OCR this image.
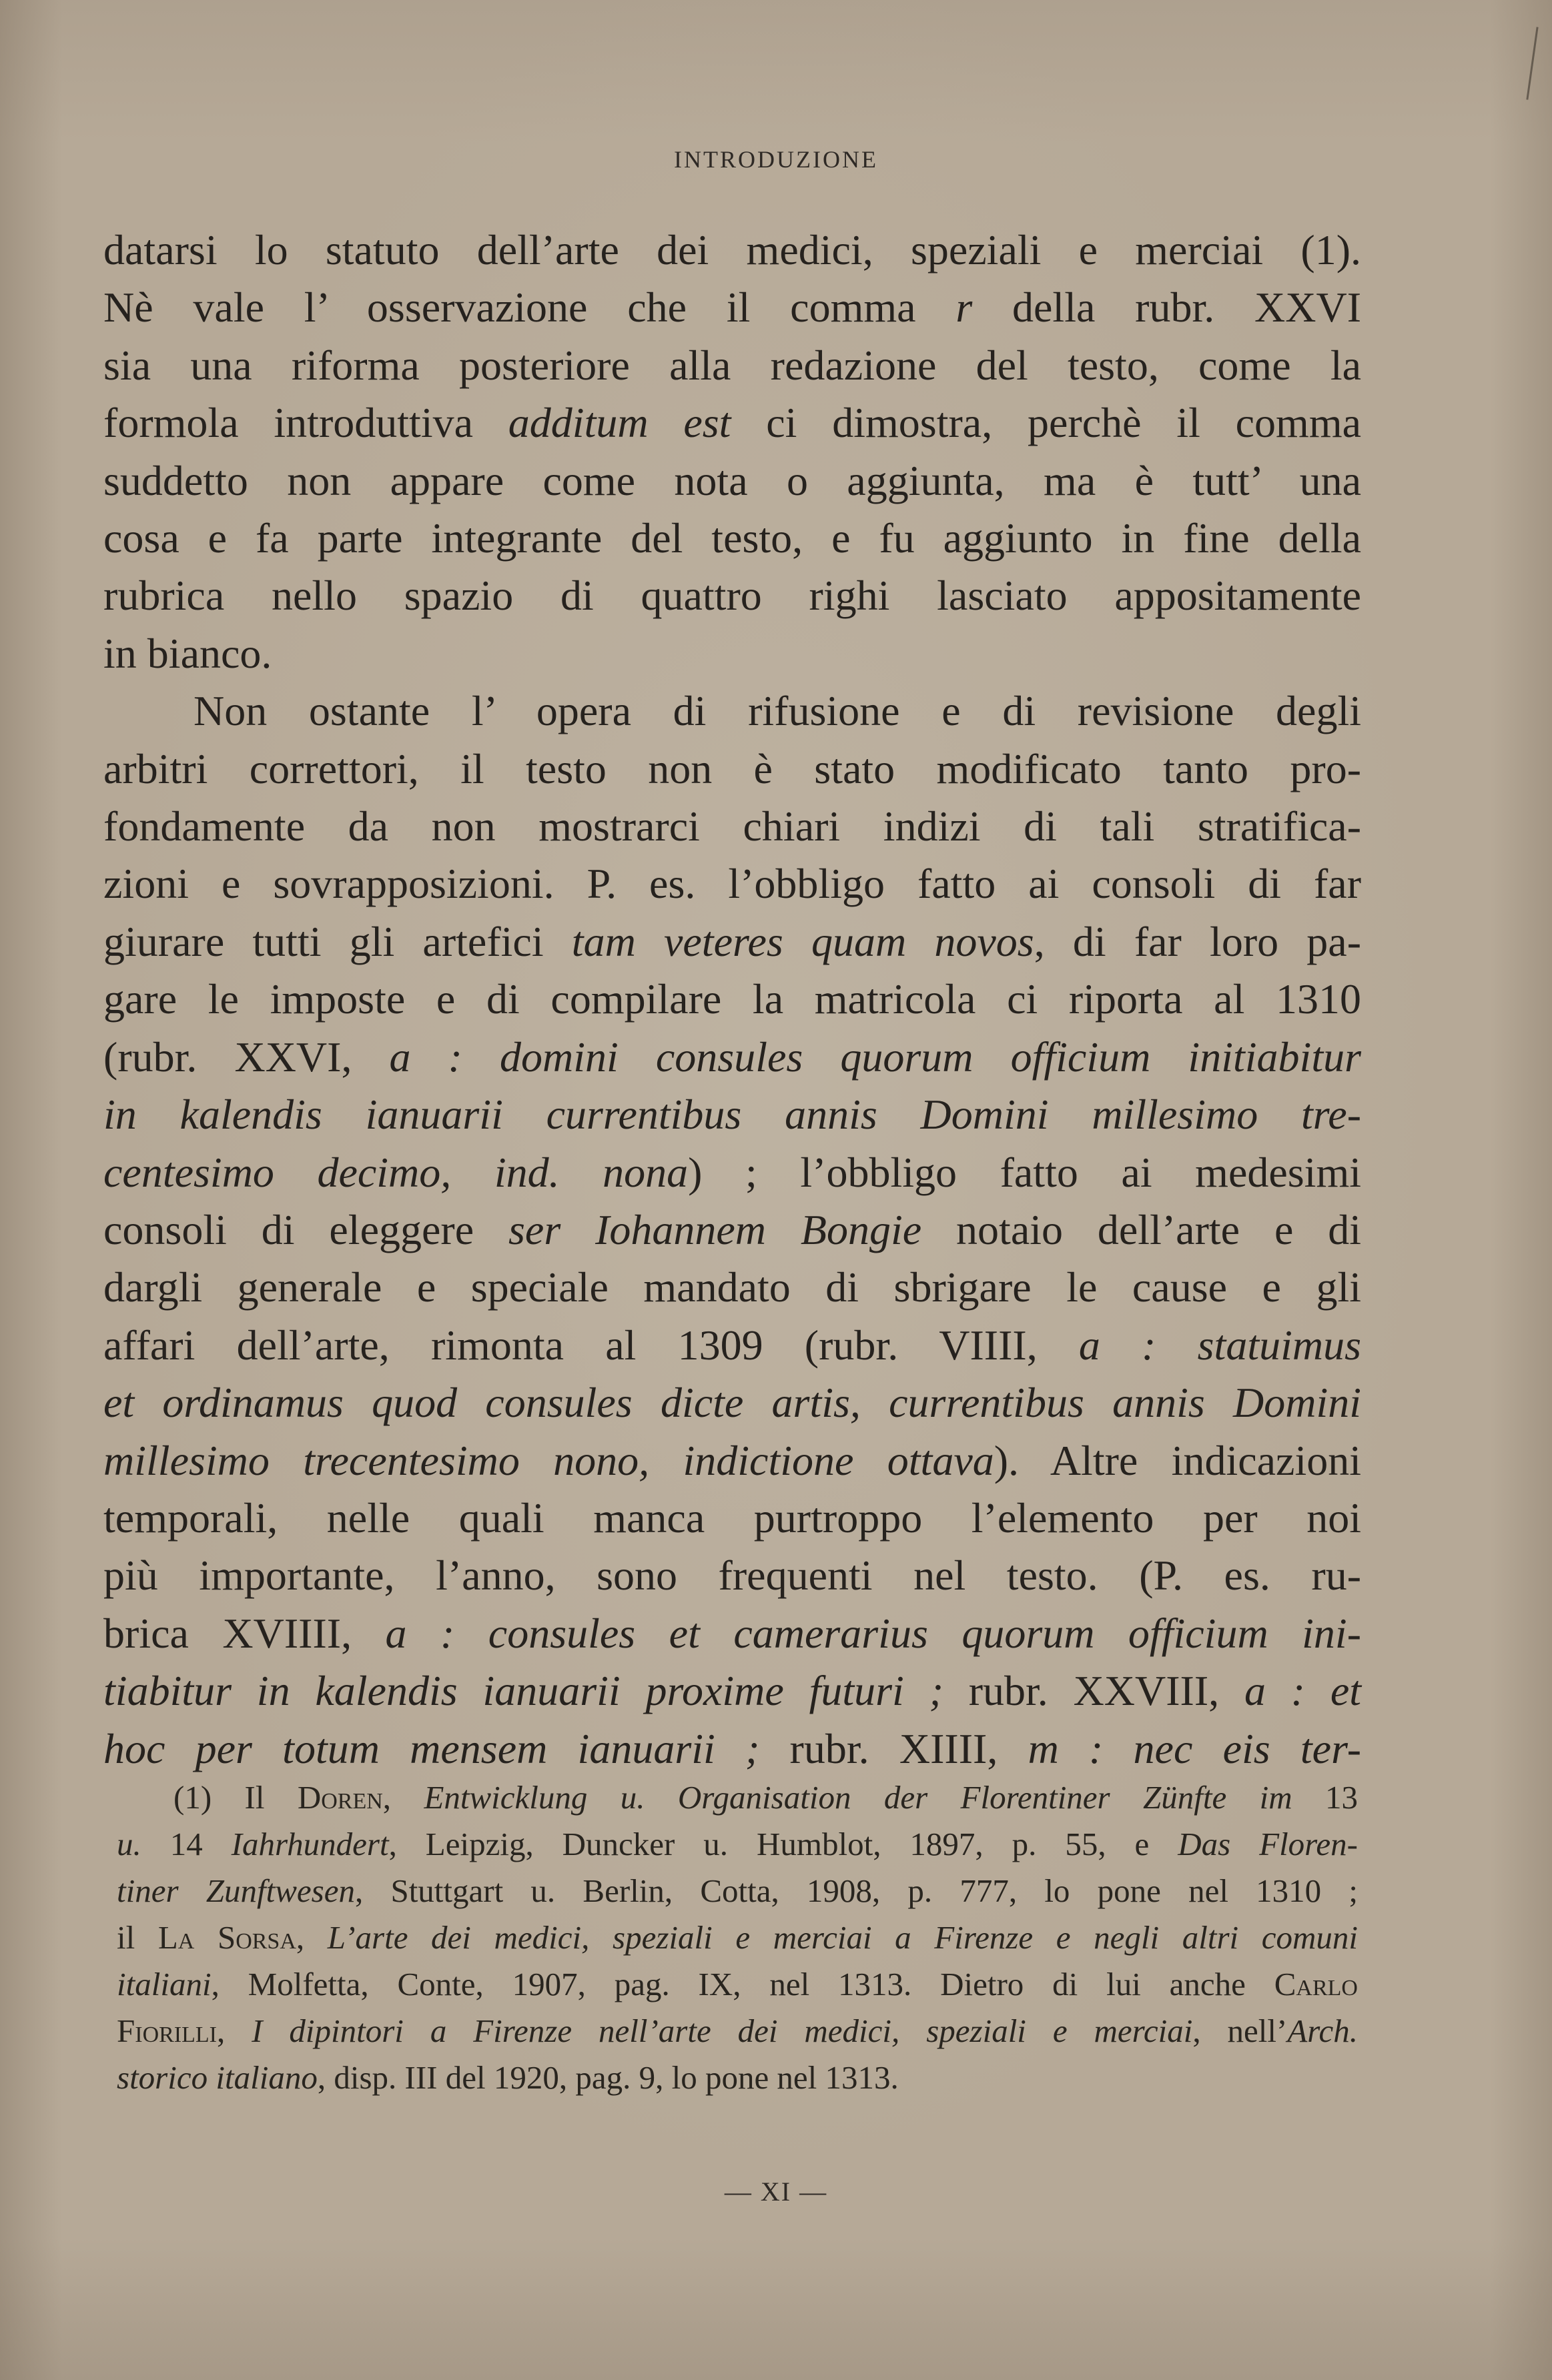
INTRODUZIONE
datarsi lo statuto dell’arte dei medici, speziali e merciai (1).
Nè vale l’ osservazione che il comma r della rubr. XXVI
sia una riforma posteriore alla redazione del testo, come la
formola introduttiva additum est ci dimostra, perchè il comma
suddetto non appare come nota o aggiunta, ma è tutt’ una
cosa e fa parte integrante del testo, e fu aggiunto in fine della
rubrica nello spazio di quattro righi lasciato appositamente
in bianco.
Non ostante l’ opera di rifusione e di revisione degli
arbitri correttori, il testo non è stato modificato tanto pro-
fondamente da non mostrarci chiari indizi di tali stratifica-
zioni e sovrapposizioni. P. es. l’obbligo fatto ai consoli di far
giurare tutti gli artefici tam veteres quam novos, di far loro pa-
gare le imposte e di compilare la matricola ci riporta al 1310
(rubr. XXVI, a : domini consules quorum officium initiabitur
in kalendis ianuarii currentibus annis Domini millesimo tre-
centesimo decimo, ind. nona) ; l’obbligo fatto ai medesimi
consoli di eleggere ser Iohannem Bongie notaio dell’arte e di
dargli generale e speciale mandato di sbrigare le cause e gli
affari dell’arte, rimonta al 1309 (rubr. VIIII, a : statuimus
et ordinamus quod consules dicte artis, currentibus annis Domini
millesimo trecentesimo nono, indictione ottava). Altre indicazioni
temporali, nelle quali manca purtroppo l’elemento per noi
più importante, l’anno, sono frequenti nel testo. (P. es. ru-
brica XVIIII, a : consules et camerarius quorum officium ini-
tiabitur in kalendis ianuarii proxime futuri ; rubr. XXVIII, a : et
hoc per totum mensem ianuarii ; rubr. XIIII, m : nec eis ter-
(1) Il Doren, Entwicklung u. Organisation der Florentiner Zünfte im 13
u. 14 Iahrhundert, Leipzig, Duncker u. Humblot, 1897, p. 55, e Das Floren-
tiner Zunftwesen, Stuttgart u. Berlin, Cotta, 1908, p. 777, lo pone nel 1310 ;
il La Sorsa, L’arte dei medici, speziali e merciai a Firenze e negli altri comuni
italiani, Molfetta, Conte, 1907, pag. IX, nel 1313. Dietro di lui anche Carlo
Fiorilli, I dipintori a Firenze nell’arte dei medici, speziali e merciai, nell’Arch.
storico italiano, disp. III del 1920, pag. 9, lo pone nel 1313.
— XI —
